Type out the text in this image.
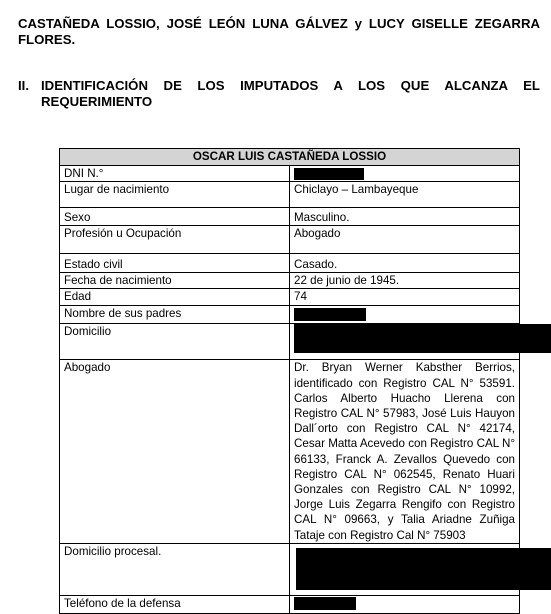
CASTAÑEDA LOSSIO, JOSÉ LEÓN LUNA GÁLVEZ y LUCY GISELLE ZEGARRA FLORES.
II. IDENTIFICACIÓN DE LOS IMPUTADOS A LOS QUE ALCANZA EL REQUERIMIENTO
OSCAR LUIS CASTAÑEDA LOSSIO	
DNI N.°	
Lugar de nacimiento	Chiclayo – Lambayeque
Sexo	Masculino.
Profesión u Ocupación	Abogado
Estado civil	Casado.
Fecha de nacimiento	22 de junio de 1945.
Edad	74
Nombre de sus padres	
Domicilio	
Abogado	Dr. Bryan Werner Kabsther Berrios, identificado con Registro CAL N° 53591. Carlos Alberto Huacho Llerena con Registro CAL N° 57983, José Luis Hauyon Dall´orto con Registro CAL N° 42174, Cesar Matta Acevedo con Registro CAL N° 66133, Franck A. Zevallos Quevedo con Registro CAL N° 062545, Renato Huari Gonzales con Registro CAL N° 10992, Jorge Luis Zegarra Rengifo con Registro CAL N° 09663, y Talia Ariadne Zuñiga Tataje con Registro Cal N° 75903
Domicilio procesal.	

Teléfono de la defensa	
